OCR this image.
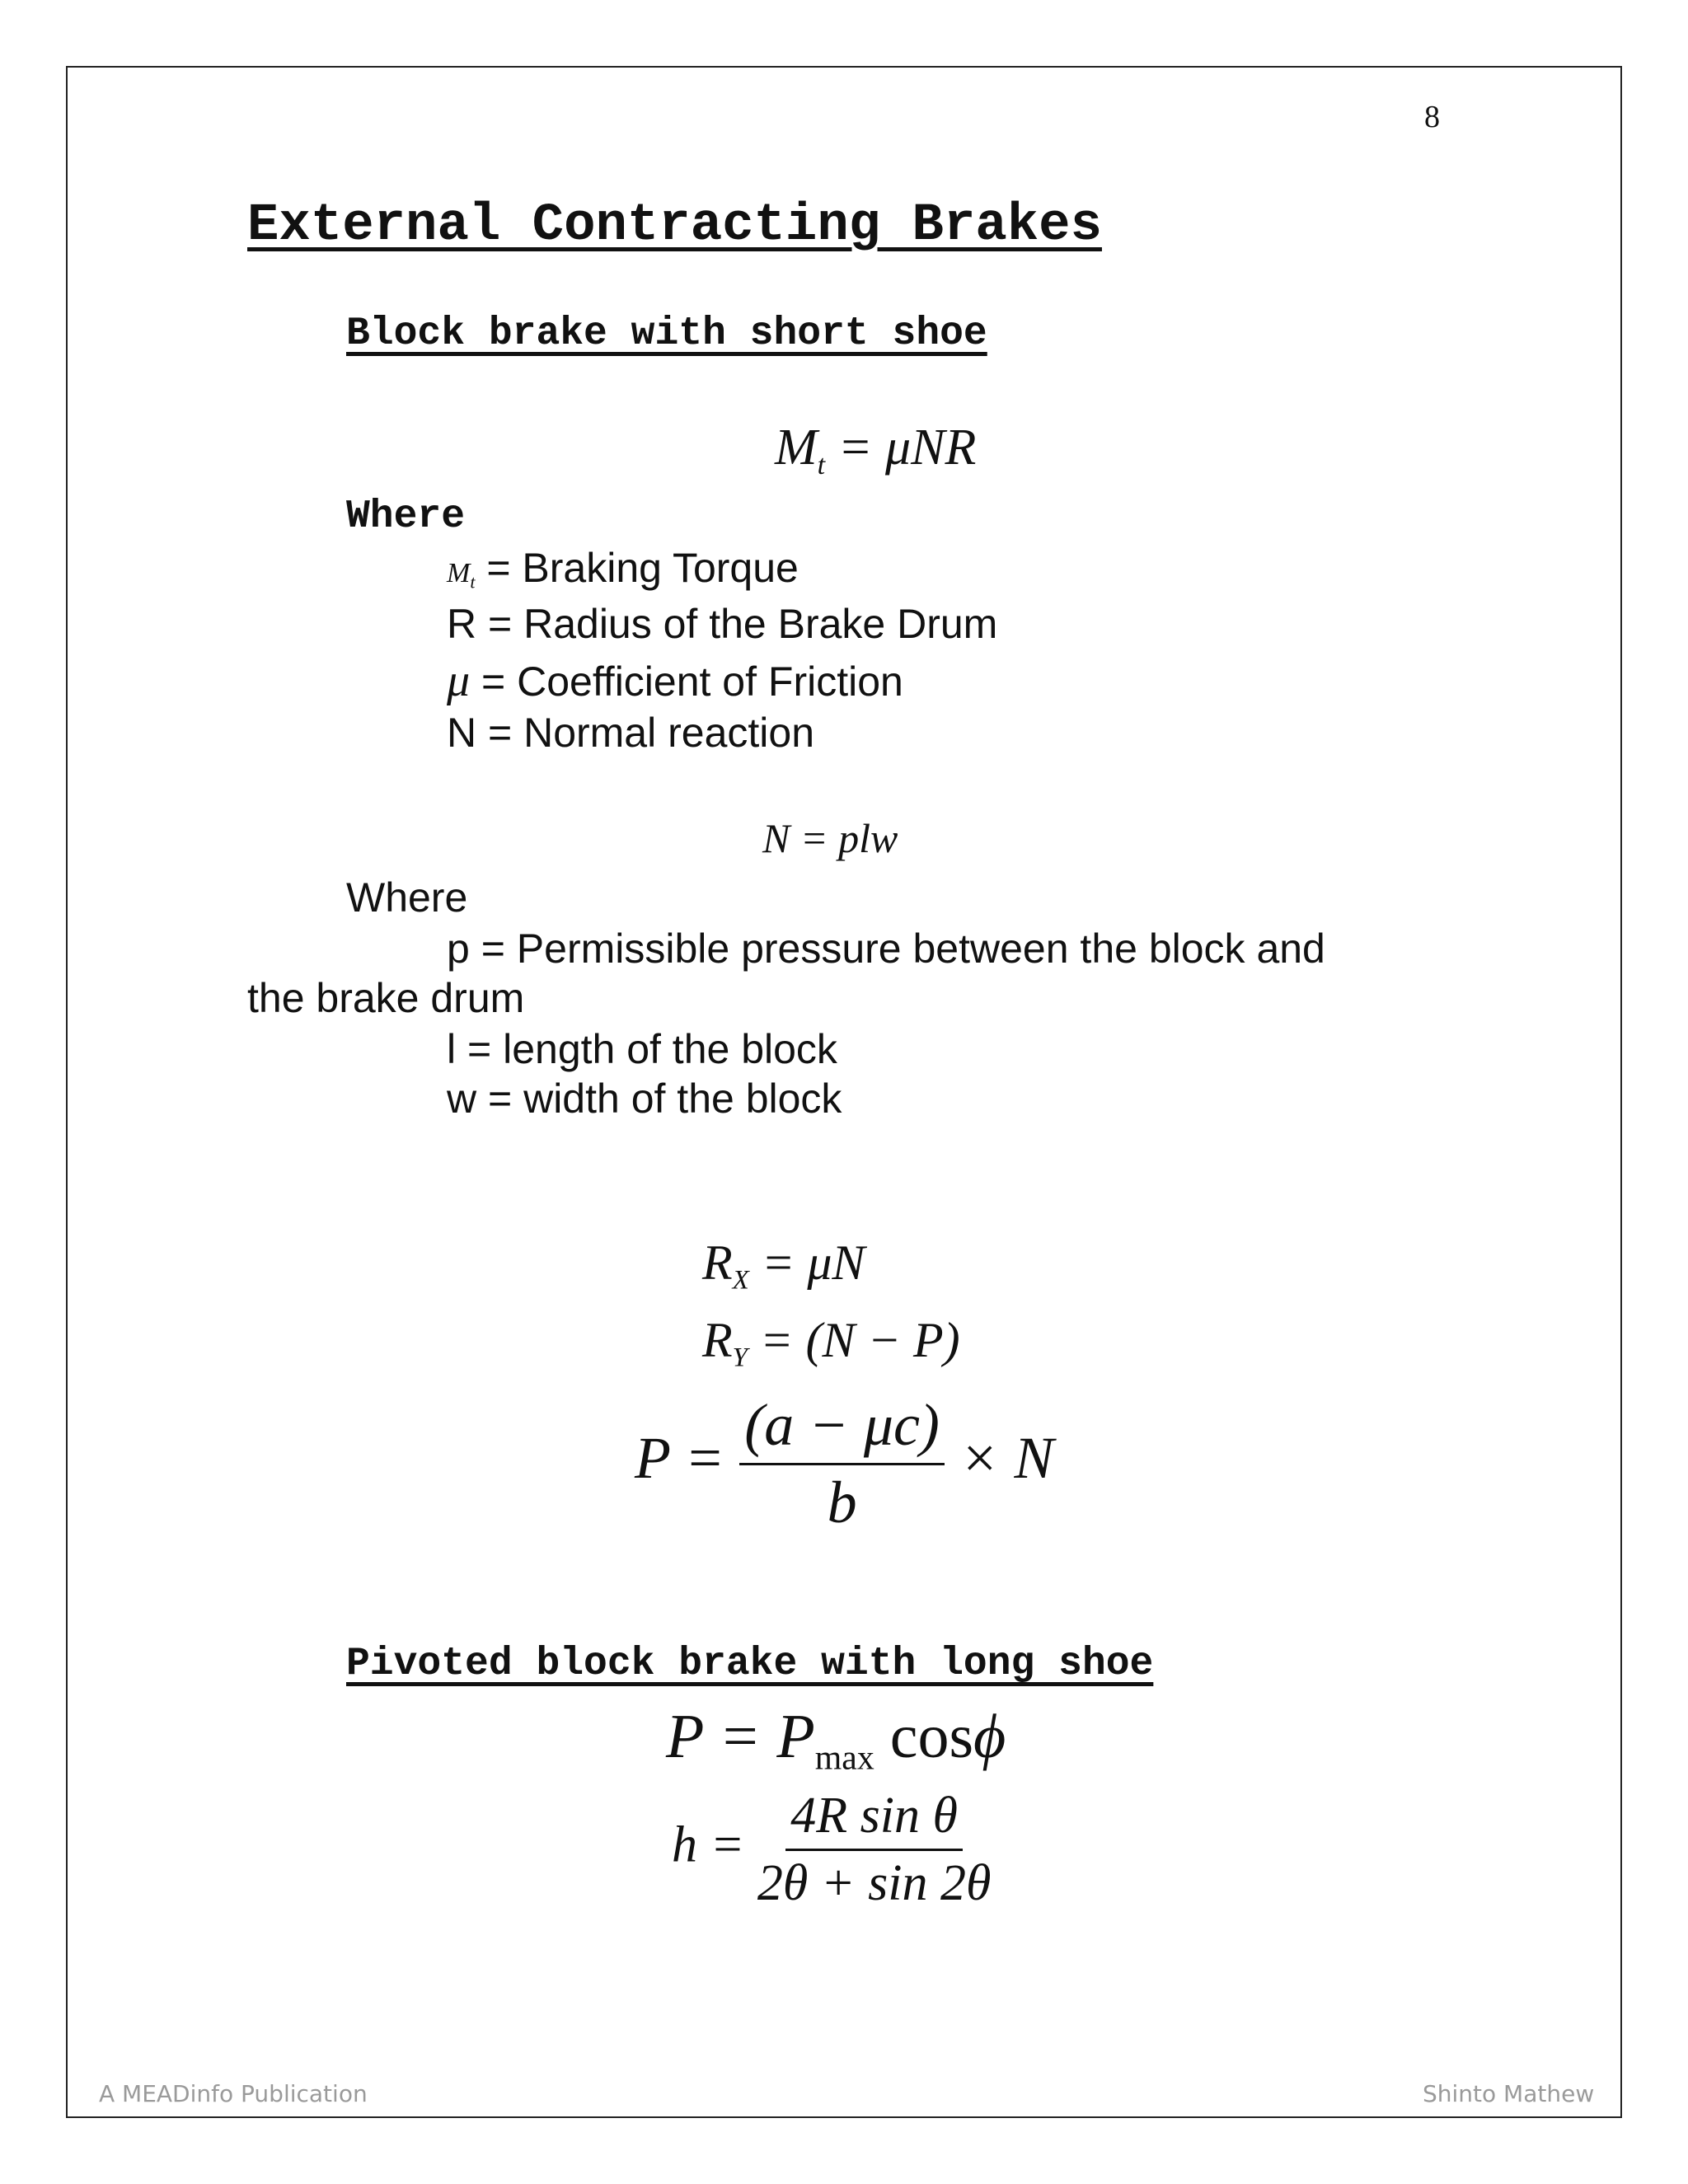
8
External Contracting Brakes
Block brake with short shoe
$M_t = \mu NR$
Where
$M_t$ = Braking Torque
R = Radius of the Brake Drum
μ = Coefficient of Friction
N = Normal reaction
N = plw
Where
p = Permissible pressure between the block and
the brake drum
l = length of the block
w = width of the block
$R_X = \mu N$
$R_Y = (N - P)$
$P = \frac{(a - \mu c)}{b} \times N$
Pivoted block brake with long shoe
$P = P_{max}$ cosϕ
$h = \frac{\text{4R sin θ}}{2\theta + \sin 2\theta}$
A MEADinfo Publication	Shinto Mathew
